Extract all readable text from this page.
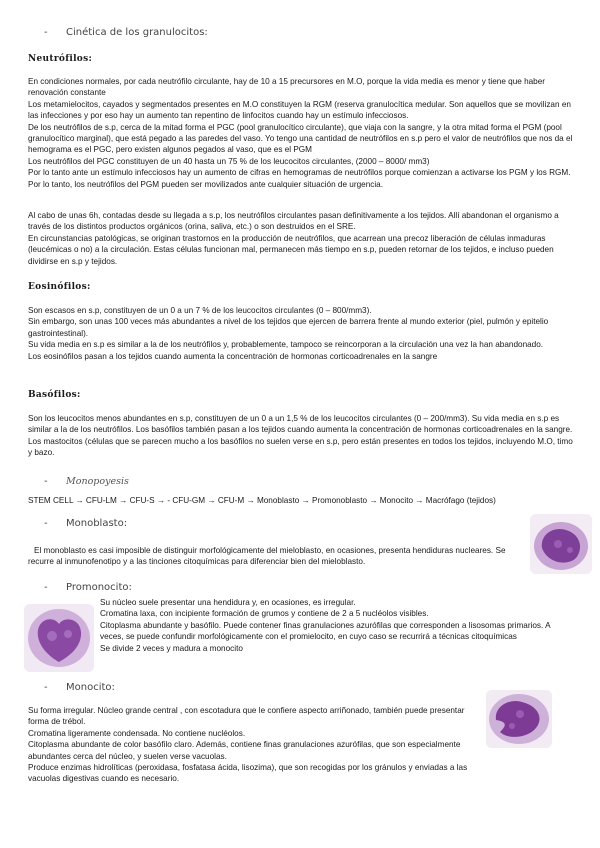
- Cinética de los granulocitos:
Neutrófilos:

En condiciones normales, por cada neutrófilo circulante, hay de 10 a 15 precursores en M.O, porque la vida media es menor y tiene que haber renovación constante

Los metamielocitos, cayados y segmentados presentes en M.O constituyen la RGM (reserva granulocítica medular. Son aquellos que se movilizan en las infecciones y por eso hay un aumento tan repentino de linfocitos cuando hay un estímulo infecciosos.

De los neutrófilos de s.p, cerca de la mitad forma el PGC (pool granulocítico circulante), que viaja con la sangre, y la otra mitad forma el PGM (pool granulocítico marginal), que está pegado a las paredes del vaso. Yo tengo una cantidad de neutrófilos en s.p pero el valor de neutrófilos que nos da el hemograma es el PGC, pero existen algunos pegados al vaso, que es el PGM

Los neutrófilos del PGC constituyen de un 40 hasta un 75 % de los leucocitos circulantes, (2000 – 8000/ mm3)

Por lo tanto ante un estímulo infecciosos hay un aumento de cifras en hemogramas de neutrófilos porque comienzan a activarse los PGM y los RGM. Por lo tanto, los neutrófilos del PGM pueden ser movilizados ante cualquier situación de urgencia.

Al cabo de unas 6h, contadas desde su llegada a s.p, los neutrófilos circulantes pasan definitivamente a los tejidos. Allí abandonan el organismo a través de los distintos productos orgánicos (orina, saliva, etc.) o son destruidos en el SRE.

En circunstancias patológicas, se originan trastornos en la producción de neutrófilos, que acarrean una precoz liberación de células inmaduras (leucémicas o no) a la circulación. Estas células funcionan mal, permanecen más tiempo en s.p, pueden retornar de los tejidos, e incluso pueden dividirse en s.p y tejidos.

Eosinófilos:

Son escasos en s.p, constituyen de un 0 a un 7 % de los leucocitos circulantes (0 – 800/mm3).

Sin embargo, son unas 100 veces más abundantes a nivel de los tejidos que ejercen de barrera frente al mundo exterior (piel, pulmón y epitelio gastrointestinal).

Su vida media en s.p es similar a la de los neutrófilos y, probablemente, tampoco se reincorporan a la circulación una vez la han abandonado.

Los eosinófilos pasan a los tejidos cuando aumenta la concentración de hormonas corticoadrenales en la sangre

Basófilos:

Son los leucocitos menos abundantes en s.p, constituyen de un 0 a un 1,5 % de los leucocitos circulantes (0 – 200/mm3). Su vida media en s.p es similar a la de los neutrófilos. Los basófilos también pasan a los tejidos cuando aumenta la concentración de hormonas corticoadrenales en la sangre. Los mastocitos (células que se parecen mucho a los basófilos no suelen verse en s.p, pero están presentes en todos los tejidos, incluyendo M.O, timo y bazo.

- Monopoyesis
STEM CELL → CFU-LM → CFU-S → - CFU-GM → CFU-M → Monoblasto → Promonoblasto → Monocito → Macrófago (tejidos)
- Monoblasto:

El monoblasto es casi imposible de distinguir morfológicamente del mieloblasto, en ocasiones, presenta hendiduras nucleares. Se recurre al inmunofenotipo y a las tinciones citoquímicas para diferenciar bien del mieloblasto.

- Promonocito:

Su núcleo suele presentar una hendidura y, en ocasiones, es irregular.

Cromatina laxa, con incipiente formación de grumos y contiene de 2 a 5 nucléolos visibles.

Citoplasma abundante y basófilo. Puede contener finas granulaciones azurófilas que corresponden a lisosomas primarios. A veces, se puede confundir morfológicamente con el promielocito, en cuyo caso se recurrirá a técnicas citoquímicas

Se divide 2 veces y madura a monocito

- Monocito:

Su forma irregular. Núcleo grande central , con escotadura que le confiere aspecto arriñonado, también puede presentar forma de trébol.

Cromatina ligeramente condensada. No contiene nucléolos.

Citoplasma abundante de color basófilo claro. Además, contiene finas granulaciones azurófilas, que son especialmente abundantes cerca del núcleo, y suelen verse vacuolas.

Produce enzimas hidrolíticas (peroxidasa, fosfatasa ácida, lisozima), que son recogidas por los gránulos y enviadas a las vacuolas digestivas cuando es necesario.
